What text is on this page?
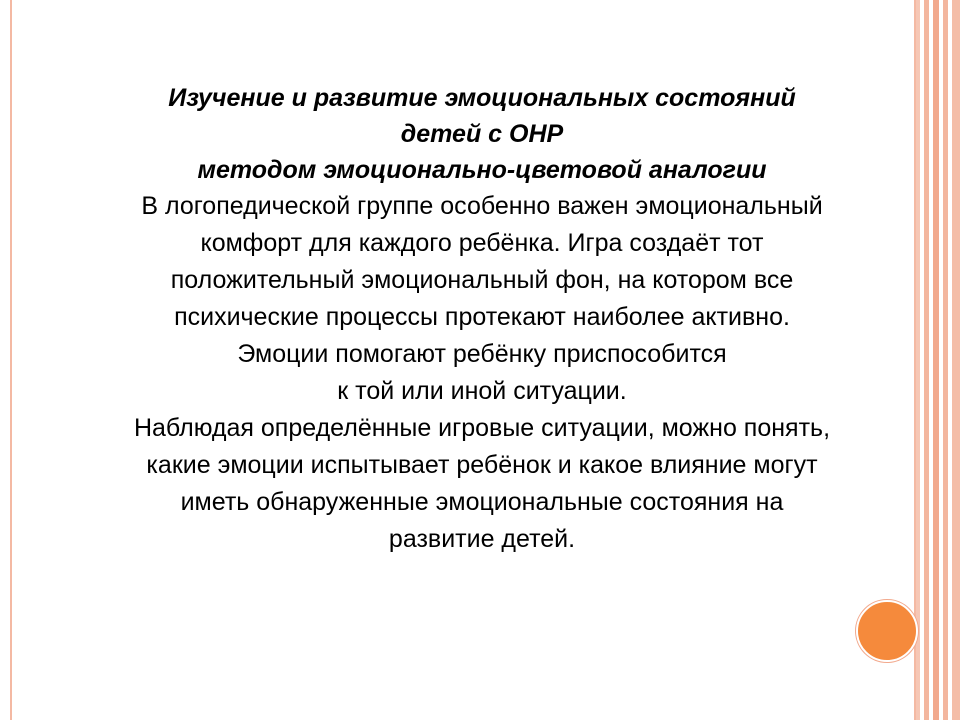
Изучение и развитие эмоциональных состояний
детей с ОНР
методом эмоционально-цветовой аналогии
В логопедической группе особенно важен эмоциональный
комфорт для каждого ребёнка. Игра создаёт тот
положительный эмоциональный фон, на котором все
психические процессы протекают наиболее активно.
Эмоции помогают ребёнку приспособится
к той или иной ситуации.
Наблюдая определённые игровые ситуации, можно понять,
какие эмоции испытывает ребёнок и какое влияние могут
иметь обнаруженные эмоциональные состояния на
развитие детей.
